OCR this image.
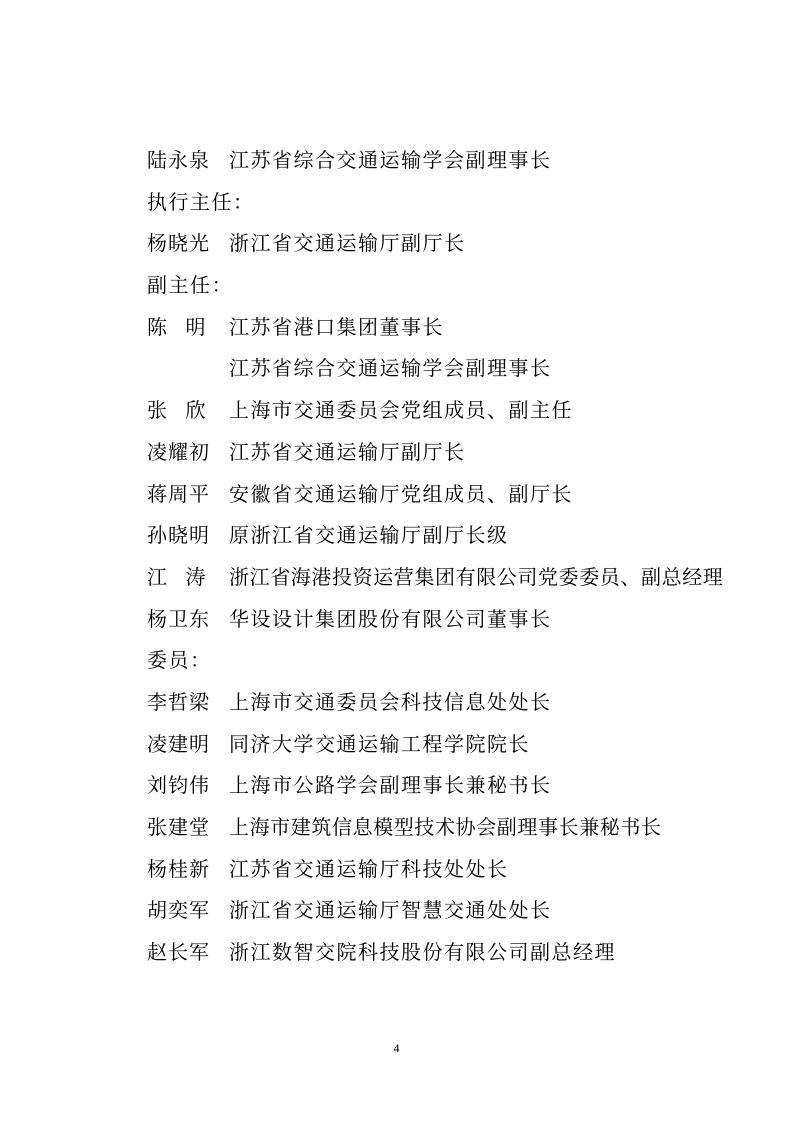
陆永泉 江苏省综合交通运输学会副理事长
执行主任：
杨晓光 浙江省交通运输厅副厅长
副主任：
陈 明 江苏省港口集团董事长
江苏省综合交通运输学会副理事长
张 欣 上海市交通委员会党组成员、副主任
凌耀初 江苏省交通运输厅副厅长
蒋周平 安徽省交通运输厅党组成员、副厅长
孙晓明 原浙江省交通运输厅副厅长级
江 涛 浙江省海港投资运营集团有限公司党委委员、副总经理
杨卫东 华设设计集团股份有限公司董事长
委员：
李哲梁 上海市交通委员会科技信息处处长
凌建明 同济大学交通运输工程学院院长
刘钧伟 上海市公路学会副理事长兼秘书长
张建堂 上海市建筑信息模型技术协会副理事长兼秘书长
杨桂新 江苏省交通运输厅科技处处长
胡奕军 浙江省交通运输厅智慧交通处处长
赵长军 浙江数智交院科技股份有限公司副总经理
4
